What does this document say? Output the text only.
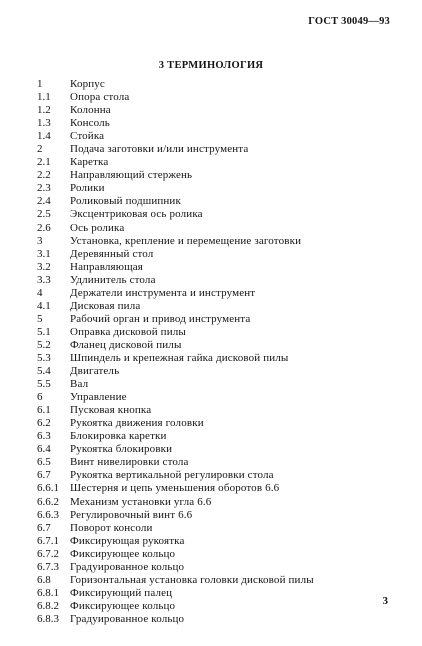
ГОСТ 30049—93
3 ТЕРМИНОЛОГИЯ
1	Корпус
1.1	Опора стола
1.2	Колонна
1.3	Консоль
1.4	Стойка
2	Подача заготовки и/или инструмента
2.1	Каретка
2.2	Направляющий стержень
2.3	Ролики
2.4	Роликовый подшипник
2.5	Эксцентриковая ось ролика
2.6	Ось ролика
3	Установка, крепление и перемещение заготовки
3.1	Деревянный стол
3.2	Направляющая
3.3	Удлинитель стола
4	Держатели инструмента и инструмент
4.1	Дисковая пила
5	Рабочий орган и привод инструмента
5.1	Оправка дисковой пилы
5.2	Фланец дисковой пилы
5.3	Шпиндель и крепежная гайка дисковой пилы
5.4	Двигатель
5.5	Вал
6	Управление
6.1	Пусковая кнопка
6.2	Рукоятка движения головки
6.3	Блокировка каретки
6.4	Рукоятка блокировки
6.5	Винт нивелировки стола
6.7	Рукоятка вертикальной регулировки стола
6.6.1	Шестерня и цепь уменьшения оборотов 6.6
6.6.2	Механизм установки угла 6.6
6.6.3	Регулировочный винт 6.6
6.7	Поворот консоли
6.7.1	Фиксирующая рукоятка
6.7.2	Фиксирующее кольцо
6.7.3	Градуированное кольцо
6.8	Горизонтальная установка головки дисковой пилы
6.8.1	Фиксирующий палец
6.8.2	Фиксирующее кольцо
6.8.3	Градуированное кольцо
3
